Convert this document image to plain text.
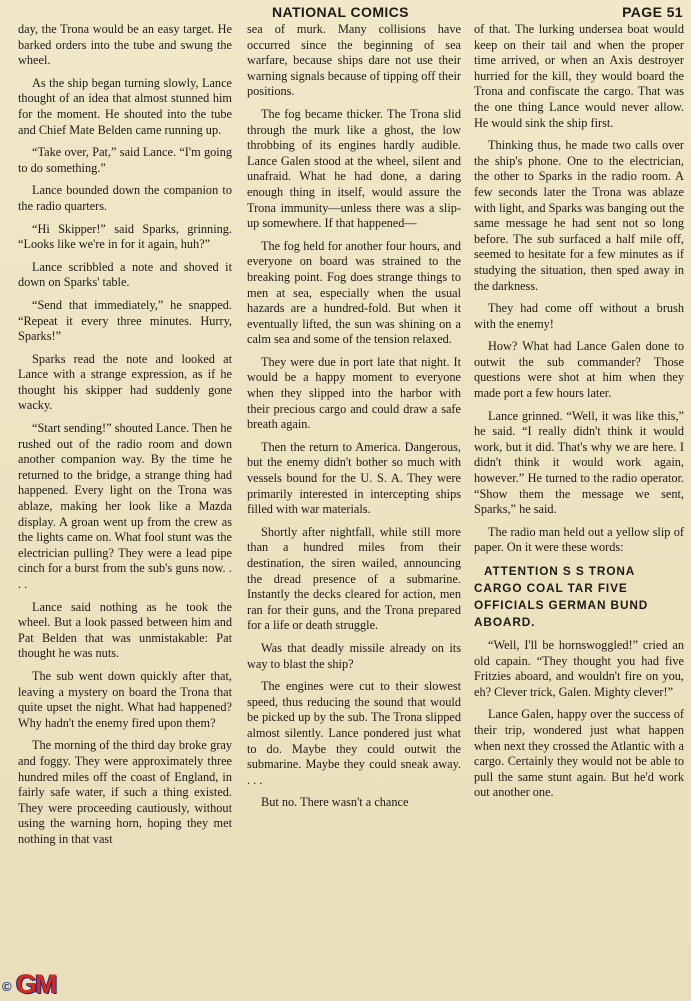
NATIONAL COMICS	PAGE 51

day, the Trona would be an easy target. He barked orders into the tube and swung the wheel.

As the ship began turning slowly, Lance thought of an idea that almost stunned him for the moment. He shouted into the tube and Chief Mate Belden came running up.

“Take over, Pat,” said Lance. “I'm going to do something.”

Lance bounded down the companion to the radio quarters.

“Hi Skipper!” said Sparks, grinning. “Looks like we're in for it again, huh?”

Lance scribbled a note and shoved it down on Sparks' table.

“Send that immediately,” he snapped. “Repeat it every three minutes. Hurry, Sparks!”

Sparks read the note and looked at Lance with a strange expression, as if he thought his skipper had suddenly gone wacky.

“Start sending!” shouted Lance. Then he rushed out of the radio room and down another companion way. By the time he returned to the bridge, a strange thing had happened. Every light on the Trona was ablaze, making her look like a Mazda display. A groan went up from the crew as the lights came on. What fool stunt was the electrician pulling? They were a lead pipe cinch for a burst from the sub's guns now. . . .

Lance said nothing as he took the wheel. But a look passed between him and Pat Belden that was unmistakable: Pat thought he was nuts.

The sub went down quickly after that, leaving a mystery on board the Trona that quite upset the night. What had happened? Why hadn't the enemy fired upon them?

The morning of the third day broke gray and foggy. They were approximately three hundred miles off the coast of England, in fairly safe water, if such a thing existed. They were proceeding cautiously, without using the warning horn, hoping they met nothing in that vast

sea of murk. Many collisions have occurred since the beginning of sea warfare, because ships dare not use their warning signals because of tipping off their positions.

The fog became thicker. The Trona slid through the murk like a ghost, the low throbbing of its engines hardly audible. Lance Galen stood at the wheel, silent and unafraid. What he had done, a daring enough thing in itself, would assure the Trona immunity—unless there was a slip-up somewhere. If that happened—

The fog held for another four hours, and everyone on board was strained to the breaking point. Fog does strange things to men at sea, especially when the usual hazards are a hundred-fold. But when it eventually lifted, the sun was shining on a calm sea and some of the tension relaxed.

They were due in port late that night. It would be a happy moment to everyone when they slipped into the harbor with their precious cargo and could draw a safe breath again.

Then the return to America. Dangerous, but the enemy didn't bother so much with vessels bound for the U. S. A. They were primarily interested in intercepting ships filled with war materials.

Shortly after nightfall, while still more than a hundred miles from their destination, the siren wailed, announcing the dread presence of a submarine. Instantly the decks cleared for action, men ran for their guns, and the Trona prepared for a life or death struggle.

Was that deadly missile already on its way to blast the ship?

The engines were cut to their slowest speed, thus reducing the sound that would be picked up by the sub. The Trona slipped almost silently. Lance pondered just what to do. Maybe they could outwit the submarine. Maybe they could sneak away. . . .

But no. There wasn't a chance

of that. The lurking undersea boat would keep on their tail and when the proper time arrived, or when an Axis destroyer hurried for the kill, they would board the Trona and confiscate the cargo. That was the one thing Lance would never allow. He would sink the ship first.

Thinking thus, he made two calls over the ship's phone. One to the electrician, the other to Sparks in the radio room. A few seconds later the Trona was ablaze with light, and Sparks was banging out the same message he had sent not so long before. The sub surfaced a half mile off, seemed to hesitate for a few minutes as if studying the situation, then sped away in the darkness.

They had come off without a brush with the enemy!

How? What had Lance Galen done to outwit the sub commander? Those questions were shot at him when they made port a few hours later.

Lance grinned. “Well, it was like this,” he said. “I really didn't think it would work, but it did. That's why we are here. I didn't think it would work again, however.” He turned to the radio operator. “Show them the message we sent, Sparks,” he said.

The radio man held out a yellow slip of paper. On it were these words:

ATTENTION S S TRONA CARGO COAL TAR FIVE OFFICIALS GERMAN BUND ABOARD.

“Well, I'll be hornswoggled!” cried an old capain. “They thought you had five Fritzies aboard, and wouldn't fire on you, eh? Clever trick, Galen. Mighty clever!”

Lance Galen, happy over the success of their trip, wondered just what happen when next they crossed the Atlantic with a cargo. Certainly they would not be able to pull the same stunt again. But he'd work out another one.

© GM
